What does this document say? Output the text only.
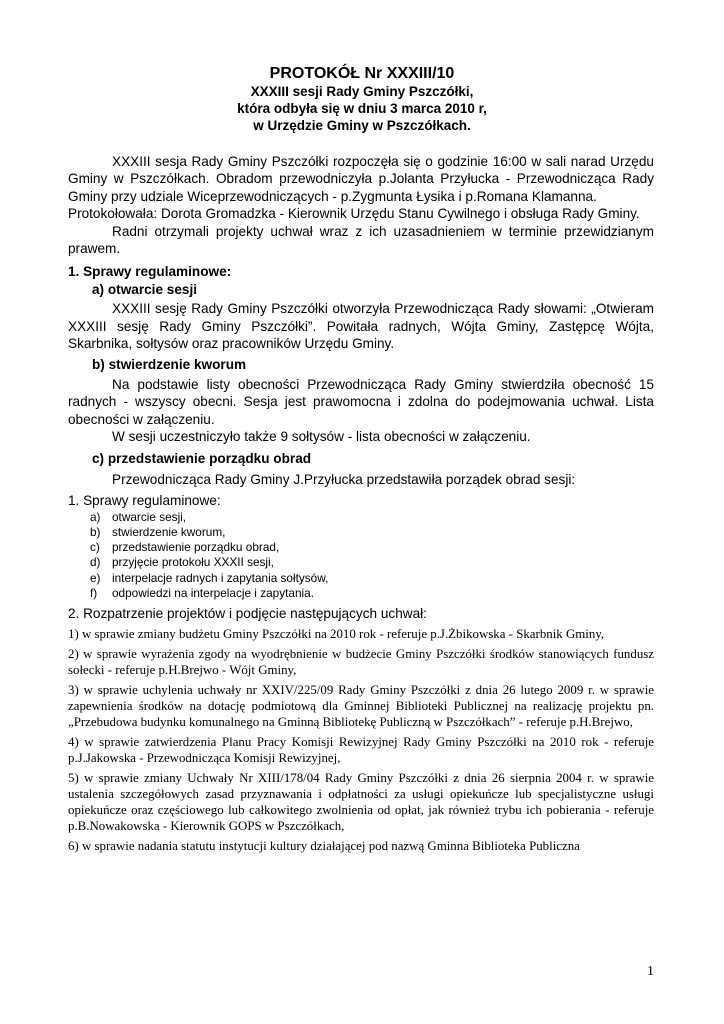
PROTOKÓŁ Nr XXXIII/10
XXXIII sesji Rady Gminy Pszczółki,
która odbyła się w dniu 3 marca 2010 r,
w Urzędzie Gminy w Pszczółkach.

XXXIII sesja Rady Gminy Pszczółki rozpoczęła się o godzinie 16:00 w sali narad Urzędu Gminy w Pszczółkach. Obradom przewodniczyła p.Jolanta Przyłucka - Przewodnicząca Rady Gminy przy udziale Wiceprzewodniczących - p.Zygmunta Łysika i p.Romana Klamanna.

Protokołowała: Dorota Gromadzka - Kierownik Urzędu Stanu Cywilnego i obsługa Rady Gminy.

Radni otrzymali projekty uchwał wraz z ich uzasadnieniem w terminie przewidzianym prawem.

1. Sprawy regulaminowe:

a) otwarcie sesji

XXXIII sesję Rady Gminy Pszczółki otworzyła Przewodnicząca Rady słowami: „Otwieram XXXIII sesję Rady Gminy Pszczółki”. Powitała radnych, Wójta Gminy, Zastępcę Wójta, Skarbnika, sołtysów oraz pracowników Urzędu Gminy.

b) stwierdzenie kworum

Na podstawie listy obecności Przewodnicząca Rady Gminy stwierdziła obecność 15 radnych - wszyscy obecni. Sesja jest prawomocna i zdolna do podejmowania uchwał. Lista obecności w załączeniu.

W sesji uczestniczyło także 9 sołtysów - lista obecności w załączeniu.

c) przedstawienie porządku obrad

Przewodnicząca Rady Gminy J.Przyłucka przedstawiła porządek obrad sesji:

1. Sprawy regulaminowe:
a) otwarcie sesji,
b) stwierdzenie kworum,
c) przedstawienie porządku obrad,
d) przyjęcie protokołu XXXII sesji,
e) interpelacje radnych i zapytania sołtysów,
f) odpowiedzi na interpelacje i zapytania.
2. Rozpatrzenie projektów i podjęcie następujących uchwał:

1) w sprawie zmiany budżetu Gminy Pszczółki na 2010 rok - referuje p.J.Żbikowska - Skarbnik Gminy,

2) w sprawie wyrażenia zgody na wyodrębnienie w budżecie Gminy Pszczółki środków stanowiących fundusz sołecki - referuje p.H.Brejwo - Wójt Gminy,

3) w sprawie uchylenia uchwały nr XXIV/225/09 Rady Gminy Pszczółki z dnia 26 lutego 2009 r. w sprawie zapewnienia środków na dotację podmiotową dla Gminnej Biblioteki Publicznej na realizację projektu pn. „Przebudowa budynku komunalnego na Gminną Bibliotekę Publiczną w Pszczółkach” - referuje p.H.Brejwo,

4) w sprawie zatwierdzenia Planu Pracy Komisji Rewizyjnej Rady Gminy Pszczółki na 2010 rok - referuje p.J.Jakowska - Przewodnicząca Komisji Rewizyjnej,

5) w sprawie zmiany Uchwały Nr XIII/178/04 Rady Gminy Pszczółki z dnia 26 sierpnia 2004 r. w sprawie ustalenia szczegółowych zasad przyznawania i odpłatności za usługi opiekuńcze lub specjalistyczne usługi opiekuńcze oraz częściowego lub całkowitego zwolnienia od opłat, jak również trybu ich pobierania - referuje p.B.Nowakowska - Kierownik GOPS w Pszczółkach,

6) w sprawie nadania statutu instytucji kultury działającej pod nazwą Gminna Biblioteka Publiczna

1
